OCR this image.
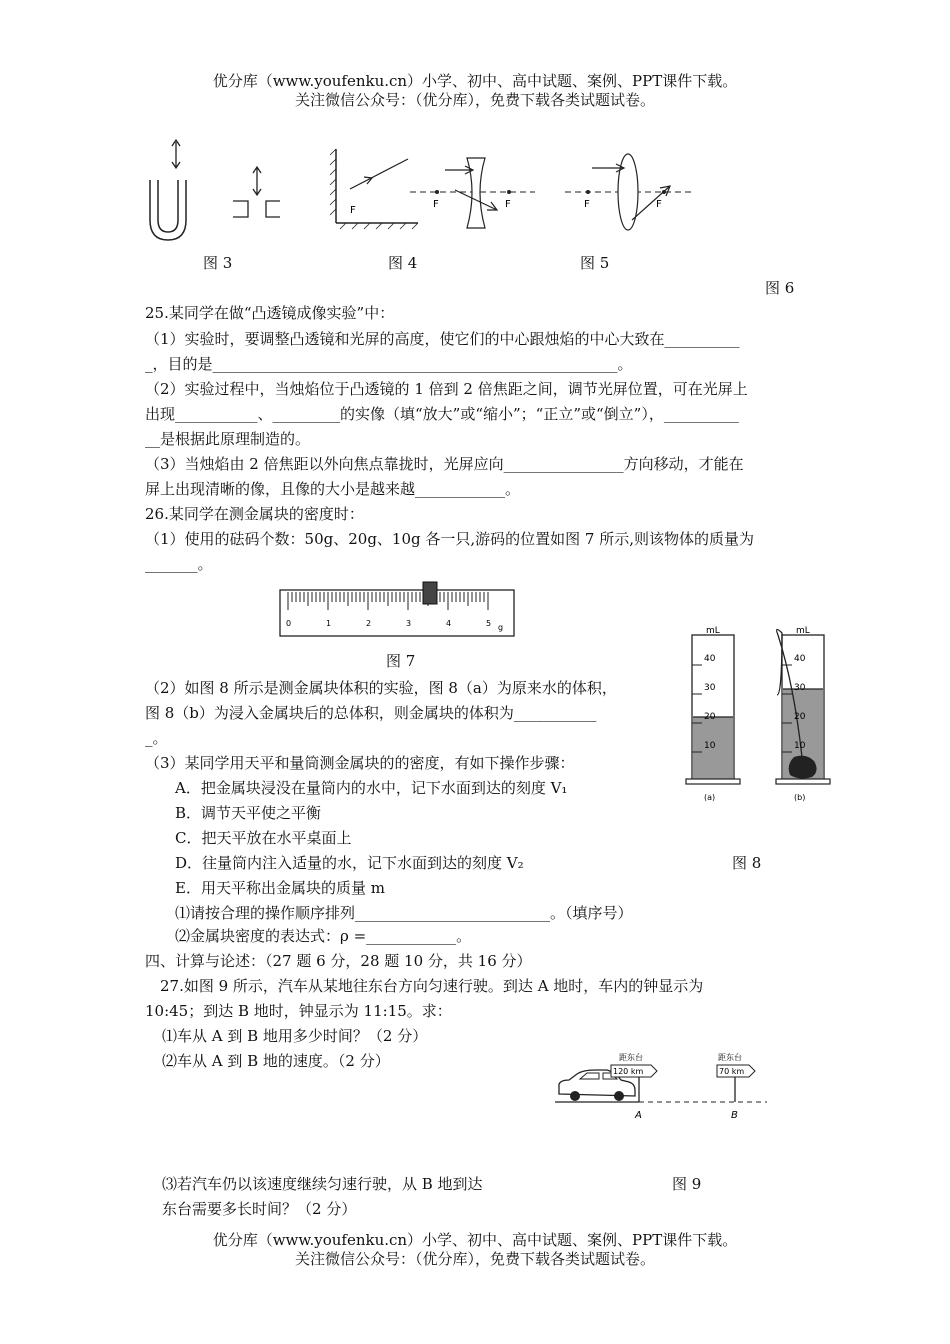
优分库（www.youfenku.cn）小学、初中、高中试题、案例、PPT课件下载。
关注微信公众号：（优分库），免费下载各类试题试卷。
F
F	F	F	F
图 3	图 4	图 5
图 6
25.某同学在做“凸透镜成像实验”中：
（1）实验时，要调整凸透镜和光屏的高度，使它们的中心跟烛焰的中心大致在__________
_，目的是______________________________________________________。
（2）实验过程中，当烛焰位于凸透镜的 1 倍到 2 倍焦距之间，调节光屏位置，可在光屏上
出现___________、_________的实像（填“放大”或“缩小”；“正立”或“倒立”），__________
__是根据此原理制造的。
（3）当烛焰由 2 倍焦距以外向焦点靠拢时，光屏应向________________方向移动，才能在
屏上出现清晰的像，且像的大小是越来越____________。
26.某同学在测金属块的密度时：
（1）使用的砝码个数：50g、20g、10g 各一只,游码的位置如图 7 所示,则该物体的质量为
_______。
0	1	2	3	4	5 g
图 7
mL
40
30
20
10
mL
40
30
20
10
(a)	(b)
（2）如图 8 所示是测金属块体积的实验，图 8（a）为原来水的体积，
图 8（b）为浸入金属块后的总体积，则金属块的体积为___________
_。
（3）某同学用天平和量筒测金属块的的密度，有如下操作步骤：
A．把金属块浸没在量筒内的水中，记下水面到达的刻度 V₁
B．调节天平使之平衡
C．把天平放在水平桌面上
D．往量筒内注入适量的水，记下水面到达的刻度 V₂	图 8
E．用天平称出金属块的质量 m
⑴请按合理的操作顺序排列__________________________。（填序号）
⑵金属块密度的表达式：ρ =____________。
四、计算与论述：（27 题 6 分，28 题 10 分，共 16 分）
27.如图 9 所示，汽车从某地往东台方向匀速行驶。到达 A 地时，车内的钟显示为
10:45；到达 B 地时，钟显示为 11:15。求：
⑴车从 A 到 B 地用多少时间？（2 分）
⑵车从 A 到 B 地的速度。（2 分）	距东台
120 km
A
距东台
70 km
B
⑶若汽车仍以该速度继续匀速行驶，从 B 地到达	图 9
东台需要多长时间？（2 分）
优分库（www.youfenku.cn）小学、初中、高中试题、案例、PPT课件下载。
关注微信公众号：（优分库），免费下载各类试题试卷。
